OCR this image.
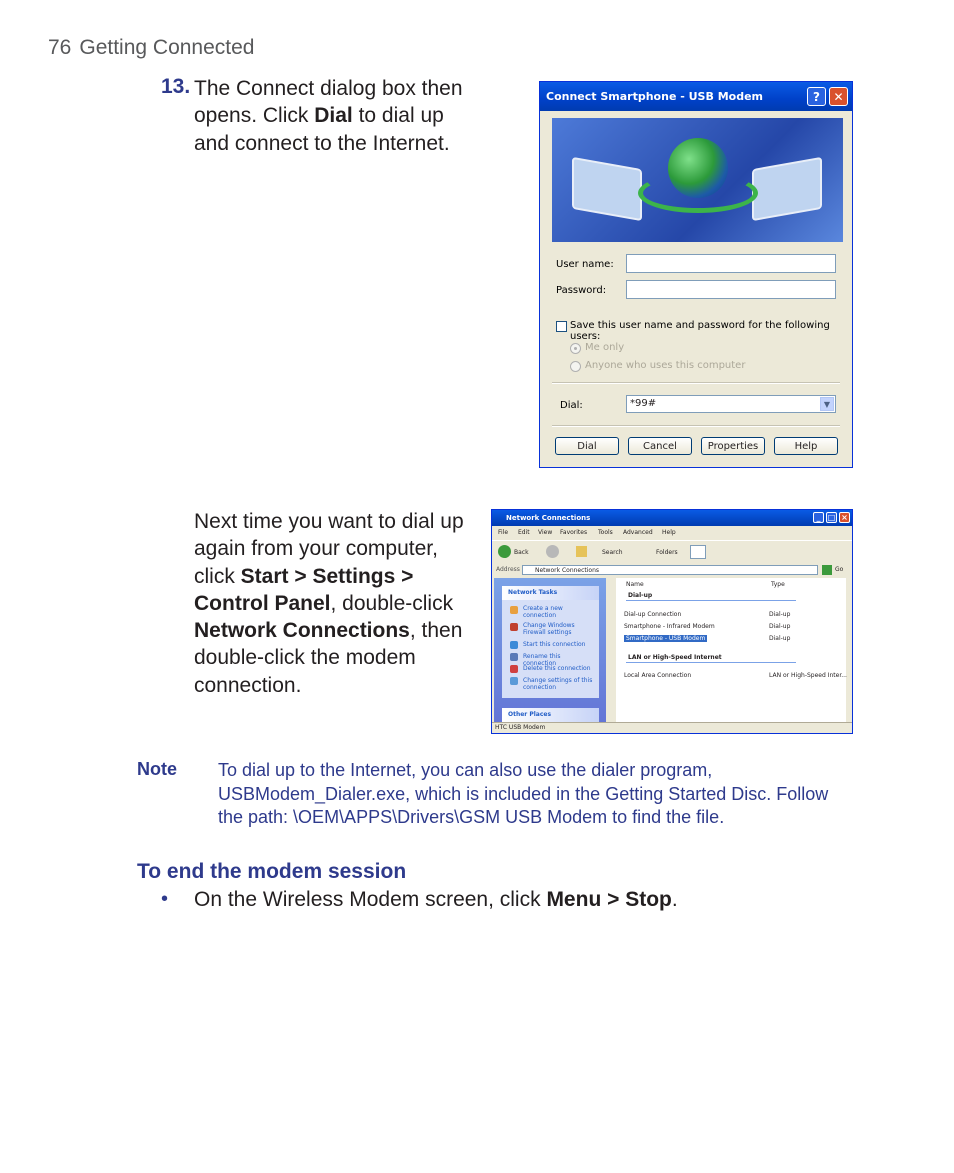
76 Getting Connected
13. The Connect dialog box then opens. Click Dial to dial up and connect to the Internet.
Connect Smartphone - USB Modem	?	✕
User name:
Password:
Save this user name and password for the following users:
Me only
Anyone who uses this computer
Dial:	*99#	▼
Dial	Cancel	Properties	Help
Next time you want to dial up again from your computer, click Start > Settings > Control Panel, double-click Network Connections, then double-click the modem connection.
Network Connections	_ □ ×
File Edit View Favorites Tools Advanced Help
Back	Search	Folders
Address	Network Connections	Go
Network Tasks
Create a new connection
Change Windows Firewall settings
Start this connection
Rename this connection
Delete this connection
Change settings of this connection
Other Places
Name	Type
Dial-up
Dial-up Connection	Dial-up
Smartphone - Infrared Modem	Dial-up
Smartphone - USB Modem	Dial-up
LAN or High-Speed Internet
Local Area Connection	LAN or High-Speed Inter...
HTC USB Modem
Note To dial up to the Internet, you can also use the dialer program, USBModem_Dialer.exe, which is included in the Getting Started Disc. Follow the path: \OEM\APPS\Drivers\GSM USB Modem to find the file.
To end the modem session
• On the Wireless Modem screen, click Menu > Stop.
